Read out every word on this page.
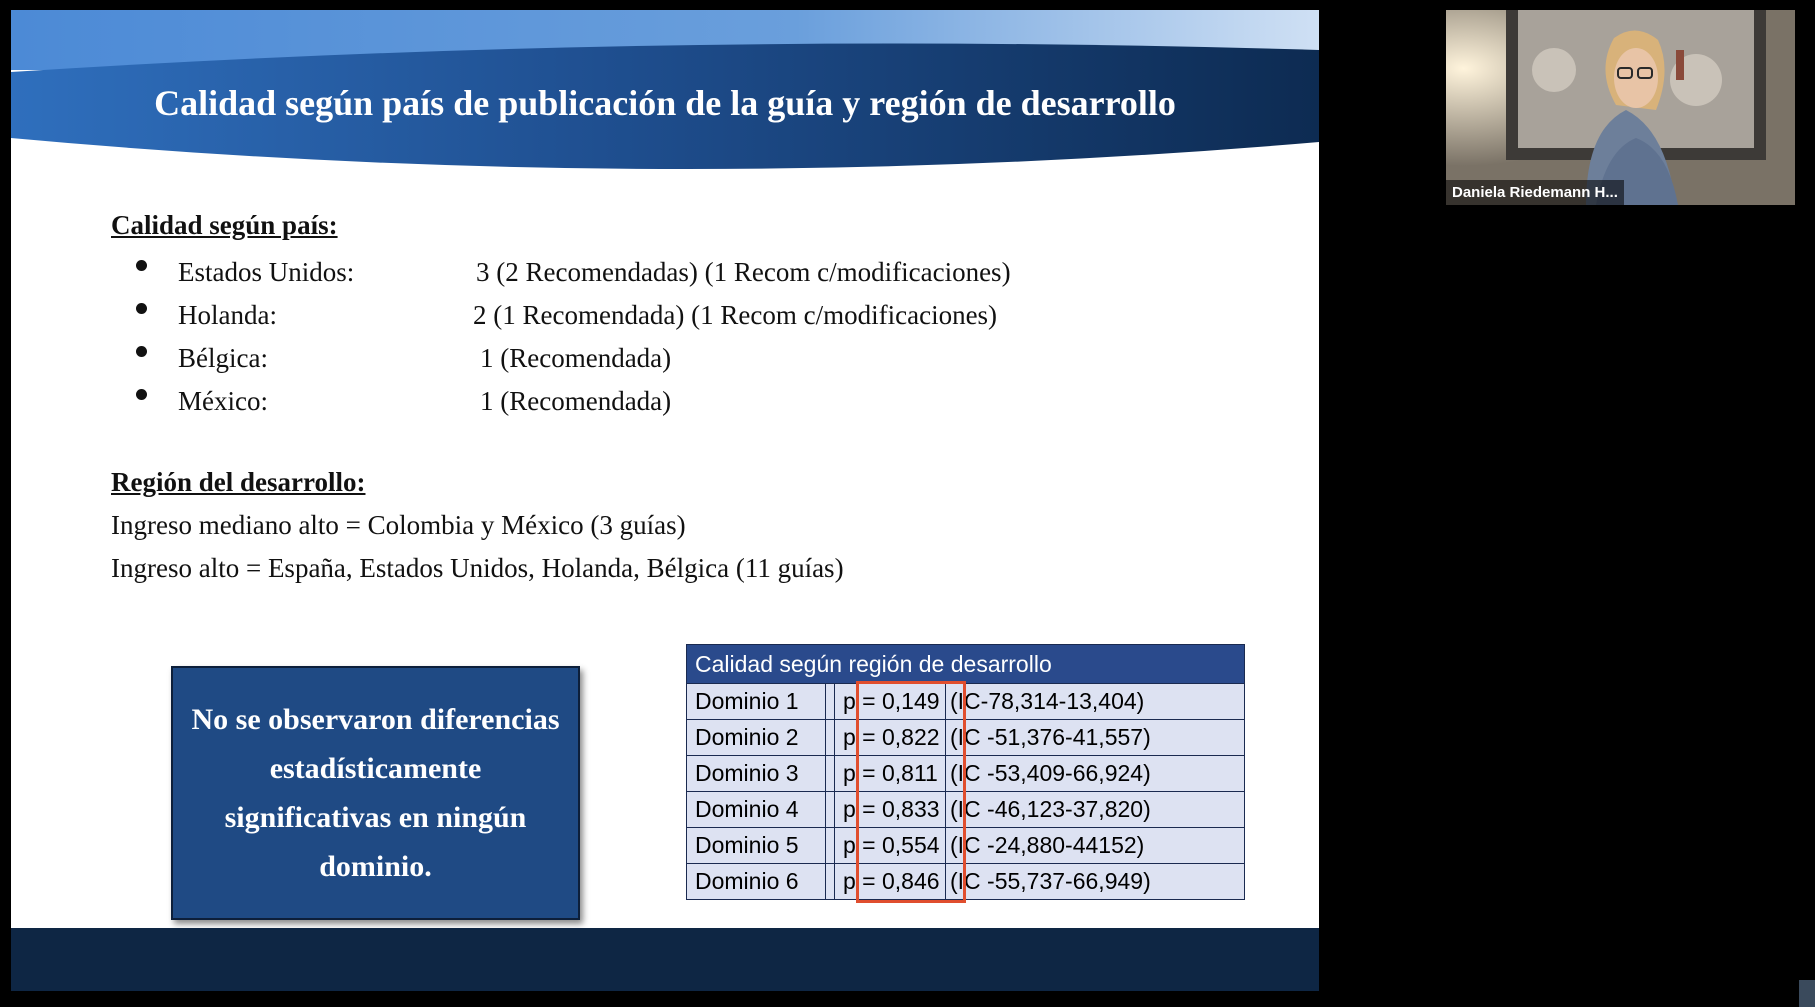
Calidad según país de publicación de la guía y región de desarrollo
Calidad según país:
Estados Unidos:	3 (2 Recomendadas) (1 Recom c/modificaciones)
Holanda:	2 (1 Recomendada) (1 Recom c/modificaciones)
Bélgica:	1 (Recomendada)
México:	1 (Recomendada)
Región del desarrollo:
Ingreso mediano alto = Colombia y México (3 guías)
Ingreso alto = España, Estados Unidos, Holanda, Bélgica (11 guías)
No se observaron diferencias estadísticamente significativas en ningún dominio.
Calidad según región de desarrollo			
Dominio 1		p = 0,149	(IC-78,314-13,404)
Dominio 2		p = 0,822	(IC -51,376-41,557)
Dominio 3		p = 0,811	(IC -53,409-66,924)
Dominio 4		p = 0,833	(IC -46,123-37,820)
Dominio 5		p = 0,554	(IC -24,880-44152)
Dominio 6		p = 0,846	(IC -55,737-66,949)
Daniela Riedemann H...
